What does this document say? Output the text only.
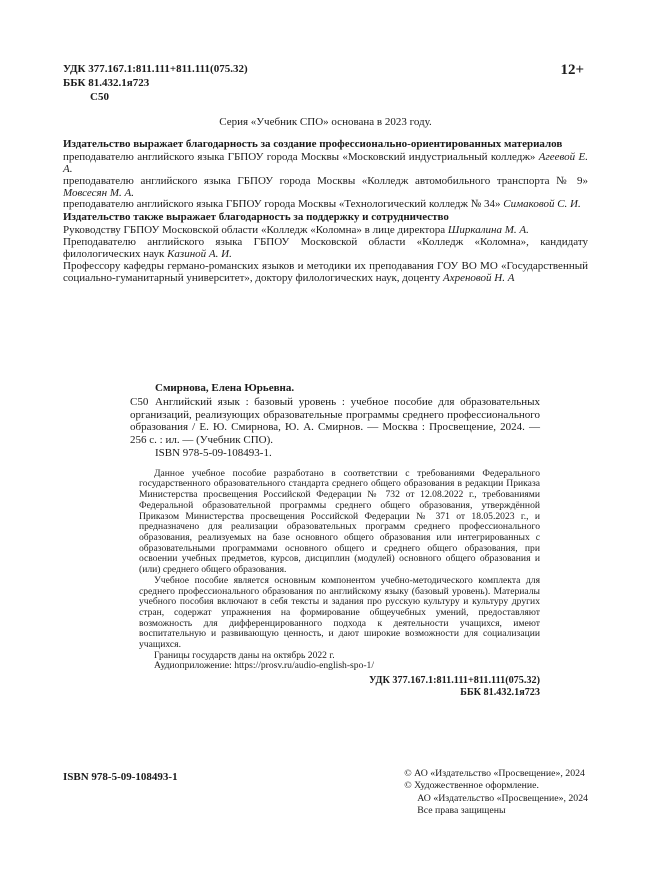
УДК 377.167.1:811.111+811.111(075.32)
ББК 81.432.1я723
С50
12+
Серия «Учебник СПО» основана в 2023 году.

Издательство выражает благодарность за создание профессионально-ориентированных материалов

преподавателю английского языка ГБПОУ города Москвы «Московский индустриальный колледж» Агеевой Е. А.

преподавателю английского языка ГБПОУ города Москвы «Колледж автомобильного транспорта № 9» Мовсесян М. А.

преподавателю английского языка ГБПОУ города Москвы «Технологический колледж № 34» Симаковой С. И.

Издательство также выражает благодарность за поддержку и сотрудничество

Руководству ГБПОУ Московской области «Колледж «Коломна» в лице директора Ширкалина М. А.

Преподавателю английского языка ГБПОУ Московской области «Колледж «Коломна», кандидату филологических наук Казиной А. И.

Профессору кафедры германо-романских языков и методики их преподавания ГОУ ВО МО «Государственный социально-гуманитарный университет», доктору филологических наук, доценту Ахреновой Н. А

Смирнова, Елена Юрьевна.

С50 Английский язык : базовый уровень : учебное пособие для образовательных организаций, реализующих образовательные программы среднего профессионального образования / Е. Ю. Смирнова, Ю. А. Смирнов. — Москва : Просвещение, 2024. — 256 с. : ил. — (Учебник СПО).

ISBN 978-5-09-108493-1.

Данное учебное пособие разработано в соответствии с требованиями Федерального государственного образовательного стандарта среднего общего образования в редакции Приказа Министерства просвещения Российской Федерации № 732 от 12.08.2022 г., требованиями Федеральной образовательной программы среднего общего образования, утверждённой Приказом Министерства просвещения Российской Федерации № 371 от 18.05.2023 г., и предназначено для реализации образовательных программ среднего профессионального образования, реализуемых на базе основного общего образования или интегрированных с образовательными программами основного общего и среднего общего образования, при освоении учебных предметов, курсов, дисциплин (модулей) основного общего образования и (или) среднего общего образования.

Учебное пособие является основным компонентом учебно-методического комплекта для среднего профессионального образования по английскому языку (базовый уровень). Материалы учебного пособия включают в себя тексты и задания про русскую культуру и культуру других стран, содержат упражнения на формирование общеучебных умений, предоставляют возможность для дифференцированного подхода к деятельности учащихся, имеют воспитательную и развивающую ценность, и дают широкие возможности для социализации учащихся.

Границы государств даны на октябрь 2022 г.

Аудиоприложение: https://prosv.ru/audio-english-spo-1/

УДК 377.167.1:811.111+811.111(075.32)
ББК 81.432.1я723
ISBN 978-5-09-108493-1	© АО «Издательство «Просвещение», 2024
© Художественное оформление.
АО «Издательство «Просвещение», 2024
Все права защищены
